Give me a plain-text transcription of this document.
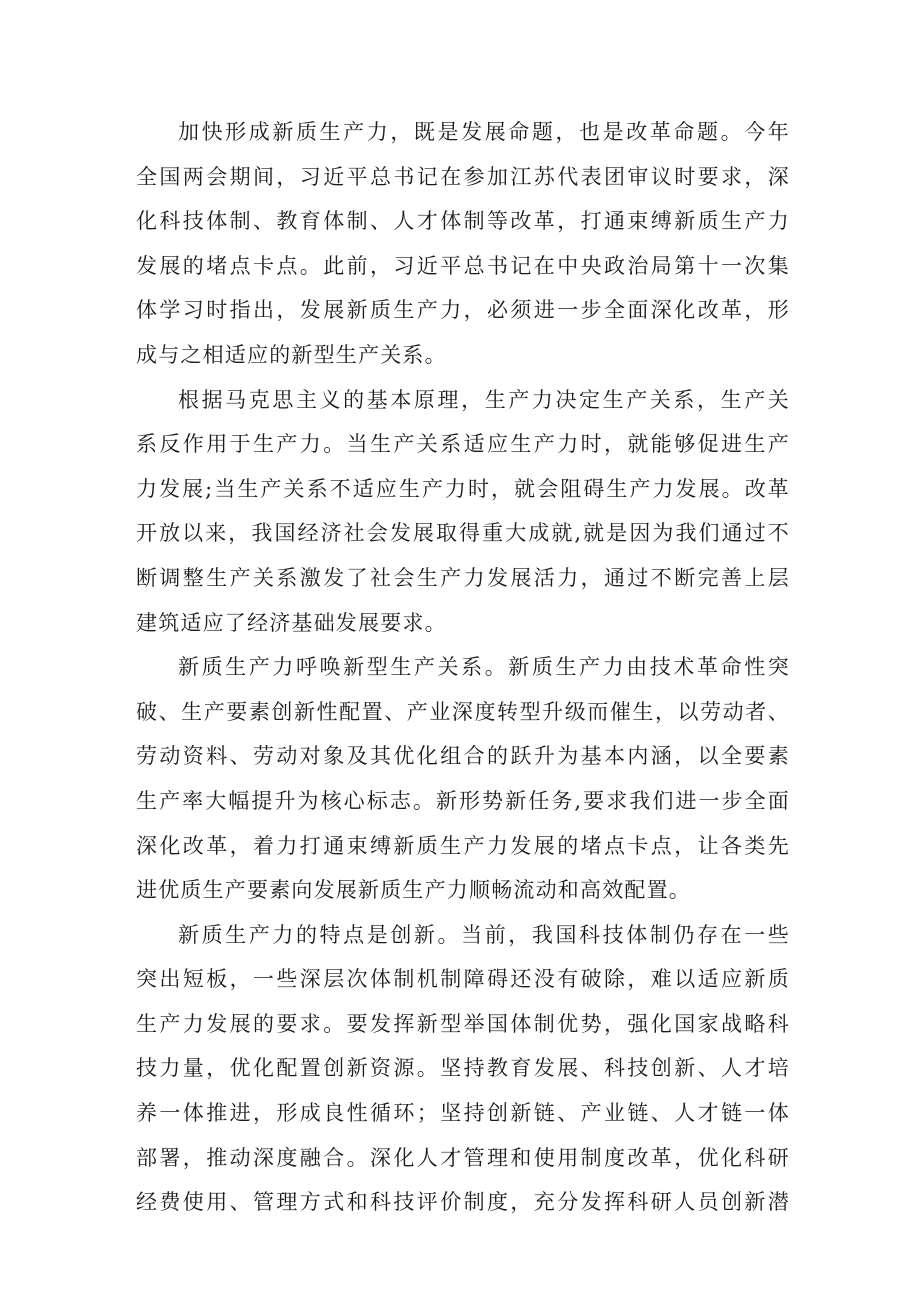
加快形成新质生产力，既是发展命题，也是改革命题。今年
全国两会期间，习近平总书记在参加江苏代表团审议时要求，深
化科技体制、教育体制、人才体制等改革，打通束缚新质生产力
发展的堵点卡点。此前，习近平总书记在中央政治局第十一次集
体学习时指出，发展新质生产力，必须进一步全面深化改革，形
成与之相适应的新型生产关系。
根据马克思主义的基本原理，生产力决定生产关系，生产关
系反作用于生产力。当生产关系适应生产力时，就能够促进生产
力发展;当生产关系不适应生产力时，就会阻碍生产力发展。改革
开放以来，我国经济社会发展取得重大成就,就是因为我们通过不
断调整生产关系激发了社会生产力发展活力，通过不断完善上层
建筑适应了经济基础发展要求。
新质生产力呼唤新型生产关系。新质生产力由技术革命性突
破、生产要素创新性配置、产业深度转型升级而催生，以劳动者、
劳动资料、劳动对象及其优化组合的跃升为基本内涵，以全要素
生产率大幅提升为核心标志。新形势新任务,要求我们进一步全面
深化改革，着力打通束缚新质生产力发展的堵点卡点，让各类先
进优质生产要素向发展新质生产力顺畅流动和高效配置。
新质生产力的特点是创新。当前，我国科技体制仍存在一些
突出短板，一些深层次体制机制障碍还没有破除，难以适应新质
生产力发展的要求。要发挥新型举国体制优势，强化国家战略科
技力量，优化配置创新资源。坚持教育发展、科技创新、人才培
养一体推进，形成良性循环；坚持创新链、产业链、人才链一体
部署，推动深度融合。深化人才管理和使用制度改革，优化科研
经费使用、管理方式和科技评价制度，充分发挥科研人员创新潜
